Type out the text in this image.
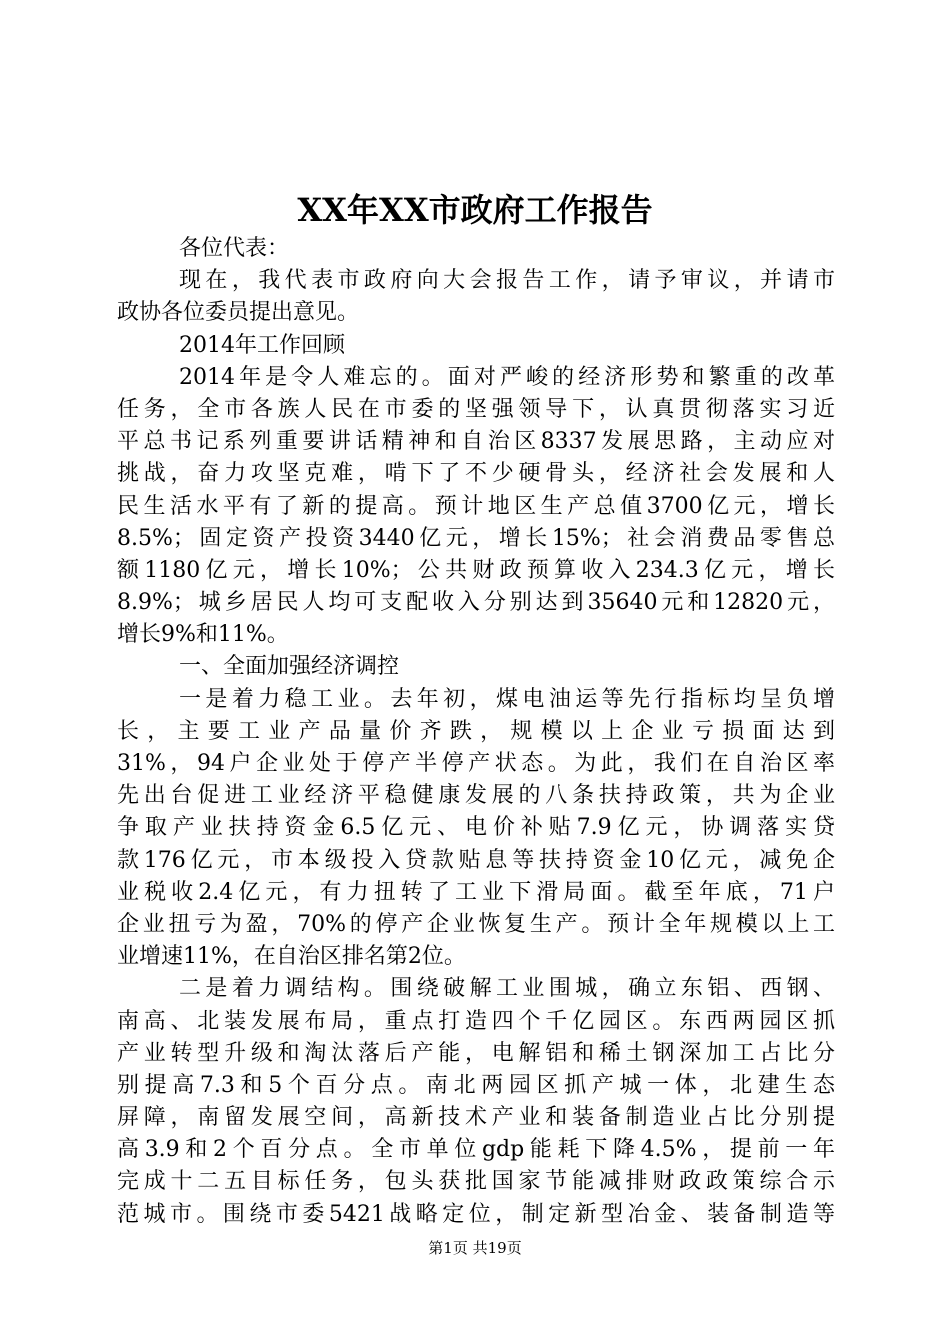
XX年XX市政府工作报告
各位代表：
现在，我代表市政府向大会报告工作，请予审议，并请市
政协各位委员提出意见。
2014年工作回顾
2014年是令人难忘的。面对严峻的经济形势和繁重的改革
任务，全市各族人民在市委的坚强领导下，认真贯彻落实习近
平总书记系列重要讲话精神和自治区8337发展思路，主动应对
挑战，奋力攻坚克难，啃下了不少硬骨头，经济社会发展和人
民生活水平有了新的提高。预计地区生产总值3700亿元，增长
8.5%；固定资产投资3440亿元，增长15%；社会消费品零售总
额1180亿元，增长10%；公共财政预算收入234.3亿元，增长
8.9%；城乡居民人均可支配收入分别达到35640元和12820元，
增长9%和11%。
一、全面加强经济调控
一是着力稳工业。去年初，煤电油运等先行指标均呈负增
长，主要工业产品量价齐跌，规模以上企业亏损面达到
31%，94户企业处于停产半停产状态。为此，我们在自治区率
先出台促进工业经济平稳健康发展的八条扶持政策，共为企业
争取产业扶持资金6.5亿元、电价补贴7.9亿元，协调落实贷
款176亿元，市本级投入贷款贴息等扶持资金10亿元，减免企
业税收2.4亿元，有力扭转了工业下滑局面。截至年底，71户
企业扭亏为盈，70%的停产企业恢复生产。预计全年规模以上工
业增速11%，在自治区排名第2位。
二是着力调结构。围绕破解工业围城，确立东铝、西钢、
南高、北装发展布局，重点打造四个千亿园区。东西两园区抓
产业转型升级和淘汰落后产能，电解铝和稀土钢深加工占比分
别提高7.3和5个百分点。南北两园区抓产城一体，北建生态
屏障，南留发展空间，高新技术产业和装备制造业占比分别提
高3.9和2个百分点。全市单位gdp能耗下降4.5%，提前一年
完成十二五目标任务，包头获批国家节能减排财政政策综合示
范城市。围绕市委5421战略定位，制定新型冶金、装备制造等
第1页 共19页
